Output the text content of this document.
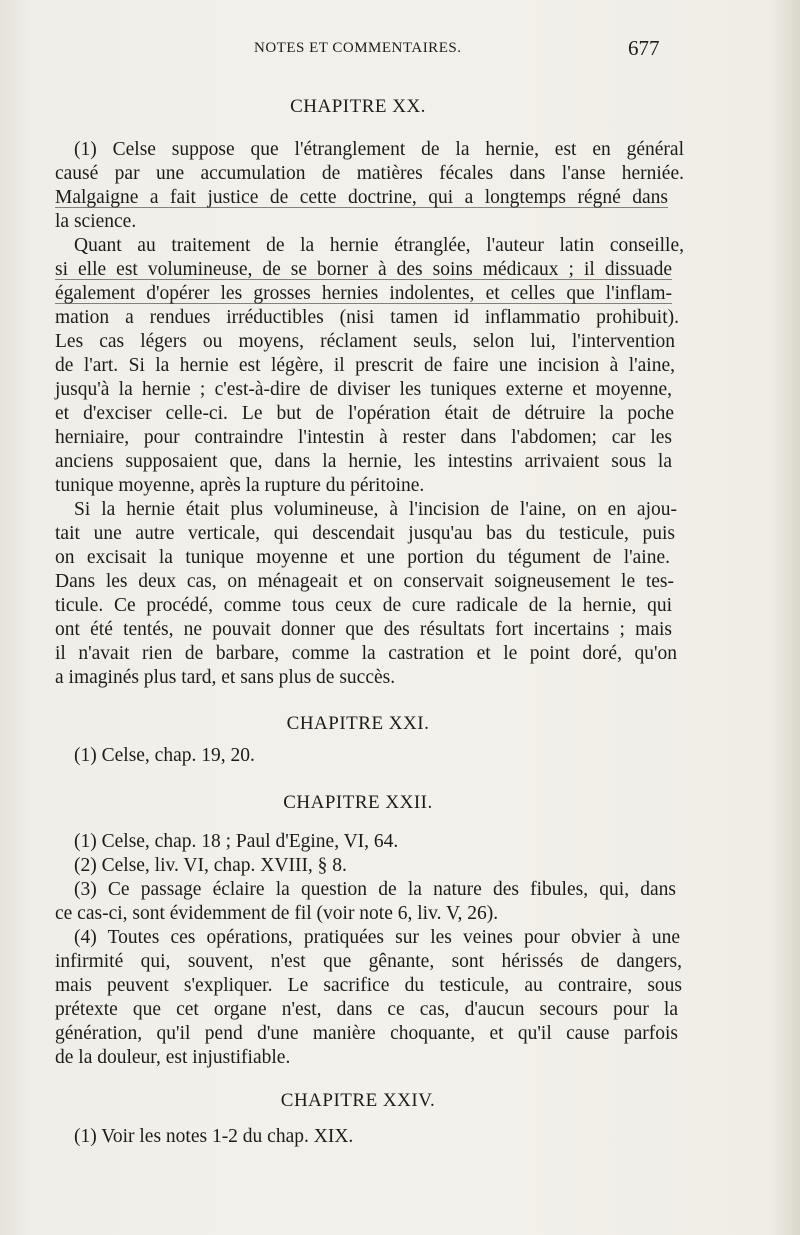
NOTES ET COMMENTAIRES.	677
CHAPITRE XX.
(1) Celse suppose que l'étranglement de la hernie, est en général
causé par une accumulation de matières fécales dans l'anse herniée.
Malgaigne a fait justice de cette doctrine, qui a longtemps régné dans
la science.
Quant au traitement de la hernie étranglée, l'auteur latin conseille,
si elle est volumineuse, de se borner à des soins médicaux ; il dissuade
également d'opérer les grosses hernies indolentes, et celles que l'inflam-
mation a rendues irréductibles (nisi tamen id inflammatio prohibuit).
Les cas légers ou moyens, réclament seuls, selon lui, l'intervention
de l'art. Si la hernie est légère, il prescrit de faire une incision à l'aine,
jusqu'à la hernie ; c'est-à-dire de diviser les tuniques externe et moyenne,
et d'exciser celle-ci. Le but de l'opération était de détruire la poche
herniaire, pour contraindre l'intestin à rester dans l'abdomen; car les
anciens supposaient que, dans la hernie, les intestins arrivaient sous la
tunique moyenne, après la rupture du péritoine.
Si la hernie était plus volumineuse, à l'incision de l'aine, on en ajou-
tait une autre verticale, qui descendait jusqu'au bas du testicule, puis
on excisait la tunique moyenne et une portion du tégument de l'aine.
Dans les deux cas, on ménageait et on conservait soigneusement le tes-
ticule. Ce procédé, comme tous ceux de cure radicale de la hernie, qui
ont été tentés, ne pouvait donner que des résultats fort incertains ; mais
il n'avait rien de barbare, comme la castration et le point doré, qu'on
a imaginés plus tard, et sans plus de succès.
CHAPITRE XXI.
(1) Celse, chap. 19, 20.
CHAPITRE XXII.
(1) Celse, chap. 18 ; Paul d'Egine, VI, 64.
(2) Celse, liv. VI, chap. XVIII, § 8.
(3) Ce passage éclaire la question de la nature des fibules, qui, dans
ce cas-ci, sont évidemment de fil (voir note 6, liv. V, 26).
(4) Toutes ces opérations, pratiquées sur les veines pour obvier à une
infirmité qui, souvent, n'est que gênante, sont hérissés de dangers,
mais peuvent s'expliquer. Le sacrifice du testicule, au contraire, sous
prétexte que cet organe n'est, dans ce cas, d'aucun secours pour la
génération, qu'il pend d'une manière choquante, et qu'il cause parfois
de la douleur, est injustifiable.
CHAPITRE XXIV.
(1) Voir les notes 1-2 du chap. XIX.
